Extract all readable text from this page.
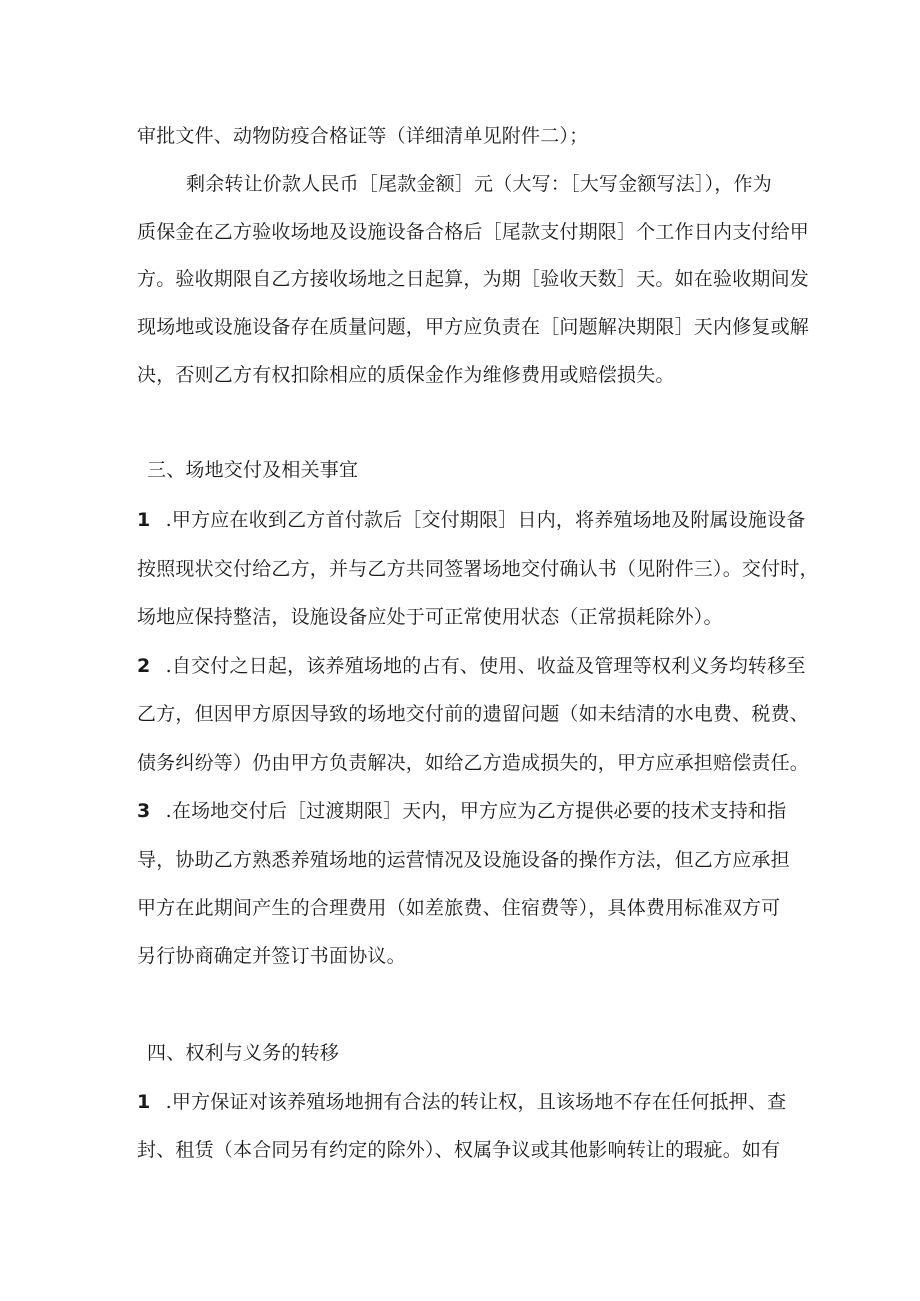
审批文件、动物防疫合格证等（详细清单见附件二）；
剩余转让价款人民币［尾款金额］元（大写：［大写金额写法］），作为
质保金在乙方验收场地及设施设备合格后［尾款支付期限］个工作日内支付给甲
方。验收期限自乙方接收场地之日起算，为期［验收天数］天。如在验收期间发
现场地或设施设备存在质量问题，甲方应负责在［问题解决期限］天内修复或解
决，否则乙方有权扣除相应的质保金作为维修费用或赔偿损失。
三、场地交付及相关事宜
1 .甲方应在收到乙方首付款后［交付期限］日内，将养殖场地及附属设施设备
按照现状交付给乙方，并与乙方共同签署场地交付确认书（见附件三）。交付时，
场地应保持整洁，设施设备应处于可正常使用状态（正常损耗除外）。
2 .自交付之日起，该养殖场地的占有、使用、收益及管理等权利义务均转移至
乙方，但因甲方原因导致的场地交付前的遗留问题（如未结清的水电费、税费、
债务纠纷等）仍由甲方负责解决，如给乙方造成损失的，甲方应承担赔偿责任。
3 .在场地交付后［过渡期限］天内，甲方应为乙方提供必要的技术支持和指
导，协助乙方熟悉养殖场地的运营情况及设施设备的操作方法，但乙方应承担
甲方在此期间产生的合理费用（如差旅费、住宿费等），具体费用标准双方可
另行协商确定并签订书面协议。
四、权利与义务的转移
1 .甲方保证对该养殖场地拥有合法的转让权，且该场地不存在任何抵押、查
封、租赁（本合同另有约定的除外）、权属争议或其他影响转让的瑕疵。如有
